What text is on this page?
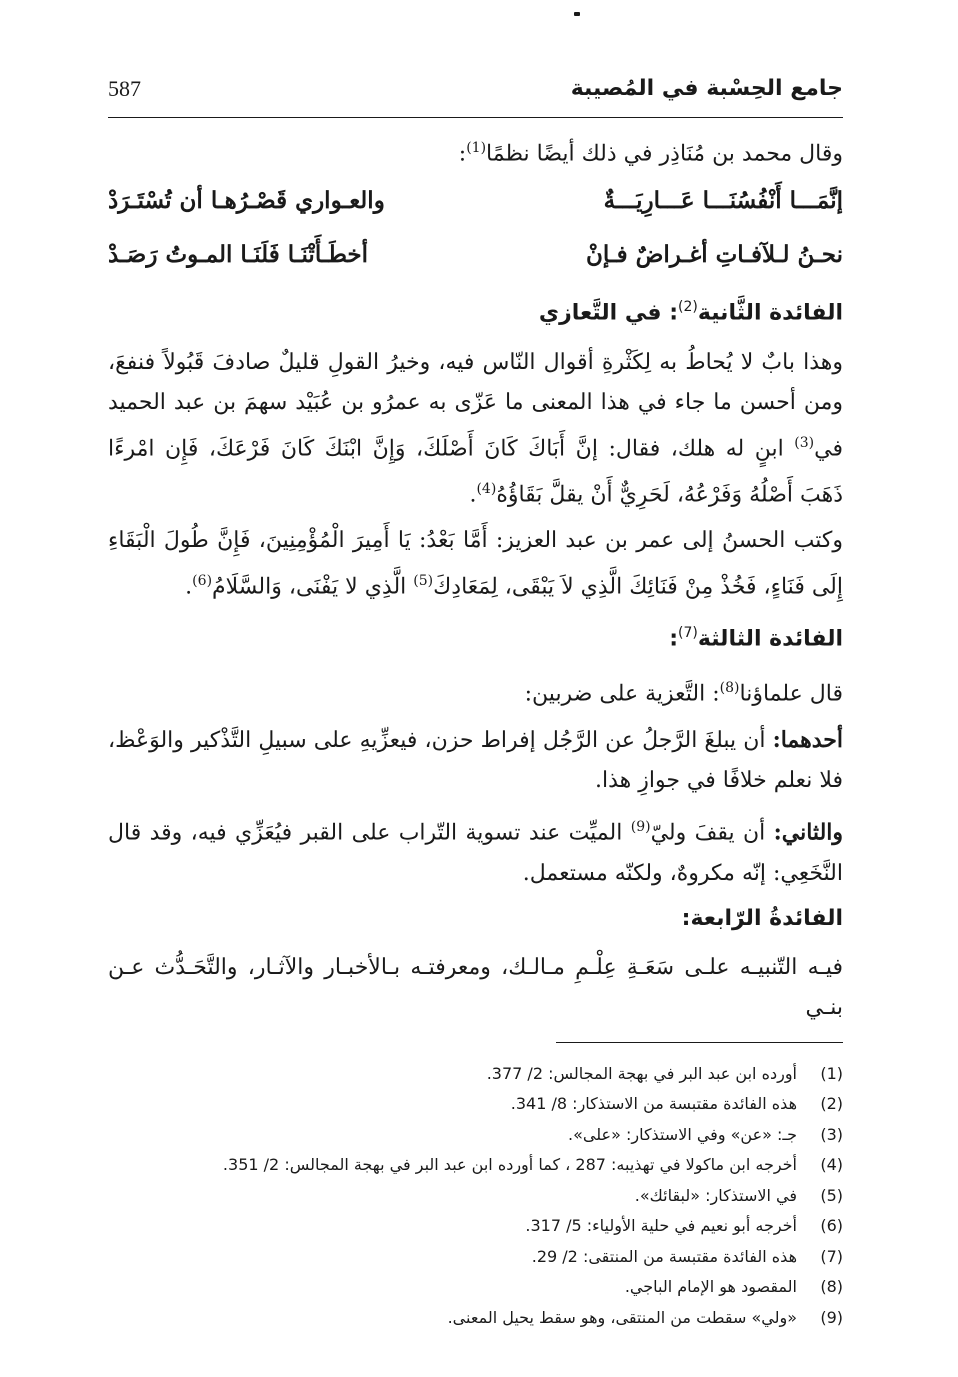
جامع الحِسْبة في المُصيبة
587

وقال محمد بن مُنَاذِر في ذلك أيضًا نظمًا$^{(1)}$:

إنَّمَـــا أَنْفُسُنَـــا عَـــارِيَـــةٌ
والعـواري قَصْـرُهـا أن تُسْتَـرَدْ
نحـنُ لـلآفـاتِ أغـراضٌ فـإنْ
أخطَـأَتْنَـا فَلَنَـا المـوتُ رَصَـدْ

الفائدة الثَّانية$^{(2)}$: في التَّعازي

وهذا بابٌ لا يُحاطُ به لِكَثْرةِ أقوال النّاس فيه، وخيرُ القولِ قليلٌ صادفَ قَبُولاً فنفعَ، ومن أحسن ما جاء في هذا المعنى ما عَزّى به عمرُو بن عُبَيْد سهمَ بن عبد الحميد في$^{(3)}$ ابنٍ له هلك، فقال: إنَّ أَبَاكَ كَانَ أَصْلَكَ، وَإِنَّ ابْنَكَ كَانَ فَرْعَكَ، فَإِن امْرءًا ذَهَبَ أَصْلُهُ وَفَرْعُهُ، لَحَرِيٌّ أَنْ يقلَّ بَقَاؤُهُ$^{(4)}$.

وكتب الحسنُ إلى عمر بن عبد العزيز: أَمَّا بَعْدُ: يَا أَمِيرَ الْمُؤْمِنِينَ، فَإِنَّ طُولَ الْبَقَاءِ إِلَى فَنَاءٍ، فَخُذْ مِنْ فَنَائِكَ الَّذِي لاَ يَبْقَى، لِمَعَادِكَ$^{(5)}$ الَّذِي لا يَفْنَى، وَالسَّلَامُ$^{(6)}$.

الفائدة الثالثة$^{(7)}$:

قال علماؤنا$^{(8)}$: التَّعزية على ضربين:

أحدهما: أن يبلغَ الرَّجلُ عن الرَّجُل إفراط حزن، فيعزِّيهِ على سبيلِ التَّذْكير والوَعْظ، فلا نعلم خلافًا في جوازِ هذا.

والثاني: أن يقفَ وليّ$^{(9)}$ الميِّت عند تسوية التّراب على القبر فيُعَزِّي فيه، وقد قال النَّخَعِي: إنّه مكروهٌ، ولكنّه مستعمل.

الفائدةُ الرّابعة:

فيـه التّنبيـه علـى سَعَـةِ عِلْـمِ مـالـك، ومعرفتـه بـالأخبـار والآثـار، والتَّحَـدُّث عـن بنـي

(1)
أورده ابن عبد البر في بهجة المجالس: 2/ 377.
(2)
هذه الفائدة مقتبسة من الاستذكار: 8/ 341.
(3)
جـ: «عن» وفي الاستذكار: «على».
(4)
أخرجه ابن ماكولا في تهذيبه: 287 ، كما أورده ابن عبد البر في بهجة المجالس: 2/ 351.
(5)
في الاستذكار: «لبقائك».
(6)
أخرجه أبو نعيم في حلية الأولياء: 5/ 317.
(7)
هذه الفائدة مقتبسة من المنتقى: 2/ 29.
(8)
المقصود هو الإمام الباجي.
(9)
«ولي» سقطت من المنتقى، وهو سقط يحيل المعنى.
